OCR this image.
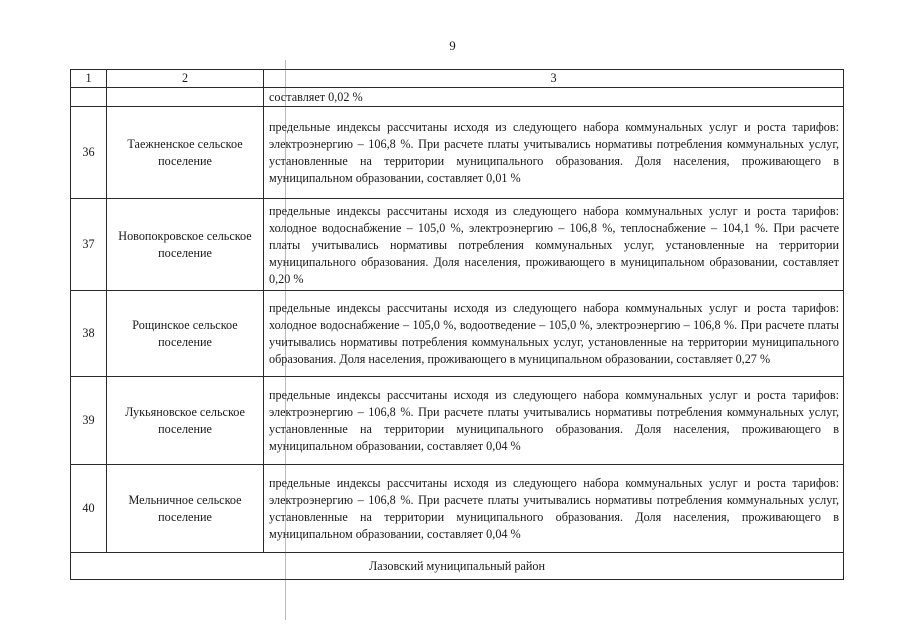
9
1	2	3
		составляет 0,02 %
36	Таежненское сельское поселение	предельные индексы рассчитаны исходя из следующего набора коммунальных услуг и роста тарифов: электроэнергию – 106,8 %. При расчете платы учитывались нормативы потребления коммунальных услуг, установленные на территории муниципального образования. Доля населения, проживающего в муниципальном образовании, составляет 0,01 %
37	Новопокровское сельское поселение	предельные индексы рассчитаны исходя из следующего набора коммунальных услуг и роста тарифов: холодное водоснабжение – 105,0 %, электроэнергию – 106,8 %, теплоснабжение – 104,1 %. При расчете платы учитывались нормативы потребления коммунальных услуг, установленные на территории муниципального образования. Доля населения, проживающего в муниципальном образовании, составляет 0,20 %
38	Рощинское сельское поселение	предельные индексы рассчитаны исходя из следующего набора коммунальных услуг и роста тарифов: холодное водоснабжение – 105,0 %, водоотведение – 105,0 %, электроэнергию – 106,8 %. При расчете платы учитывались нормативы потребления коммунальных услуг, установленные на территории муниципального образования. Доля населения, проживающего в муниципальном образовании, составляет 0,27 %
39	Лукьяновское сельское поселение	предельные индексы рассчитаны исходя из следующего набора коммунальных услуг и роста тарифов: электроэнергию – 106,8 %. При расчете платы учитывались нормативы потребления коммунальных услуг, установленные на территории муниципального образования. Доля населения, проживающего в муниципальном образовании, составляет 0,04 %
40	Мельничное сельское поселение	предельные индексы рассчитаны исходя из следующего набора коммунальных услуг и роста тарифов: электроэнергию – 106,8 %. При расчете платы учитывались нормативы потребления коммунальных услуг, установленные на территории муниципального образования. Доля населения, проживающего в муниципальном образовании, составляет 0,04 %
Лазовский муниципальный район		
